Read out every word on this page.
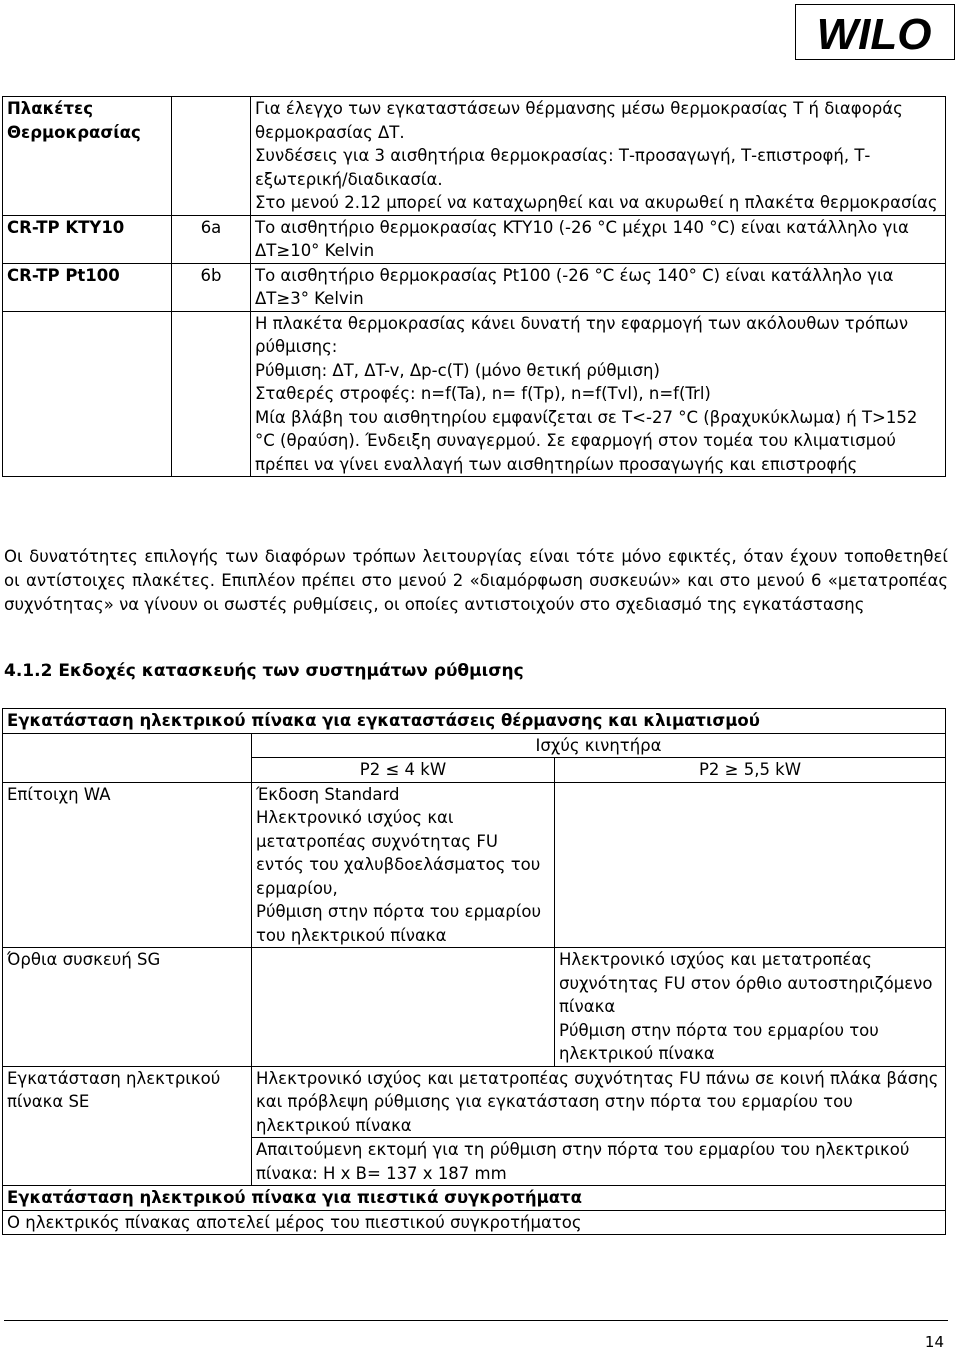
WILO
Πλακέτες Θερμοκρασίας		Για έλεγχο των εγκαταστάσεων θέρμανσης μέσω θερμοκρασίας Τ ή διαφοράς θερμοκρασίας ΔΤ.
Συνδέσεις για 3 αισθητήρια θερμοκρασίας: Τ-προσαγωγή, Τ-επιστροφή, Τ-εξωτερική/διαδικασία.
Στο μενού 2.12 μπορεί να καταχωρηθεί και να ακυρωθεί η πλακέτα θερμοκρασίας

CR-TP KTY10	6a	Το αισθητήριο θερμοκρασίας KTY10 (-26 °C μέχρι 140 °C) είναι κατάλληλο για ΔT≥10° Kelvin
CR-TP Pt100	6b	Το αισθητήριο θερμοκρασίας Pt100 (-26 °C έως 140° C) είναι κατάλληλο για ΔT≥3° Kelvin

		Η πλακέτα θερμοκρασίας κάνει δυνατή την εφαρμογή των ακόλουθων τρόπων ρύθμισης:
Ρύθμιση: ΔT, ΔT-v, Δp-c(T) (μόνο θετική ρύθμιση)
Σταθερές στροφές: n=f(Ta), n= f(Tp), n=f(Tvl), n=f(Trl)
Μία βλάβη του αισθητηρίου εμφανίζεται σε T<-27 °C (βραχυκύκλωμα) ή T>152 °C (θραύση). Ένδειξη συναγερμού. Σε εφαρμογή στον τομέα του κλιματισμού πρέπει να γίνει εναλλαγή των αισθητηρίων προσαγωγής και επιστροφής
Οι δυνατότητες επιλογής των διαφόρων τρόπων λειτουργίας είναι τότε μόνο εφικτές, όταν έχουν τοποθετηθεί οι αντίστοιχες πλακέτες. Επιπλέον πρέπει στο μενού 2 «διαμόρφωση συσκευών» και στο μενού 6 «μετατροπέας συχνότητας» να γίνουν οι σωστές ρυθμίσεις, οι οποίες αντιστοιχούν στο σχεδιασμό της εγκατάστασης
4.1.2 Εκδοχές κατασκευής των συστημάτων ρύθμισης
Εγκατάσταση ηλεκτρικού πίνακα για εγκαταστάσεις θέρμανσης και κλιματισμού		
	Ισχύς κινητήρα	
	P2 ≤ 4 kW	P2 ≥ 5,5 kW
Επίτοιχη WA	Έκδοση Standard
Ηλεκτρονικό ισχύος και μετατροπέας συχνότητας FU εντός του χαλυβδοελάσματος του ερμαρίου,
Ρύθμιση στην πόρτα του ερμαρίου του ηλεκτρικού πίνακα	

Όρθια συσκευή SG		Ηλεκτρονικό ισχύος και μετατροπέας συχνότητας FU στον όρθιο αυτοστηριζόμενο πίνακα
Ρύθμιση στην πόρτα του ερμαρίου του ηλεκτρικού πίνακα

Εγκατάσταση ηλεκτρικού πίνακα SE	Ηλεκτρονικό ισχύος και μετατροπέας συχνότητας FU πάνω σε κοινή πλάκα βάσης και πρόβλεψη ρύθμισης για εγκατάσταση στην πόρτα του ερμαρίου του ηλεκτρικού πίνακα	
	Απαιτούμενη εκτομή για τη ρύθμιση στην πόρτα του ερμαρίου του ηλεκτρικού πίνακα: H x B= 137 x 187 mm	
Εγκατάσταση ηλεκτρικού πίνακα για πιεστικά συγκροτήματα		
Ο ηλεκτρικός πίνακας αποτελεί μέρος του πιεστικού συγκροτήματος		
14
